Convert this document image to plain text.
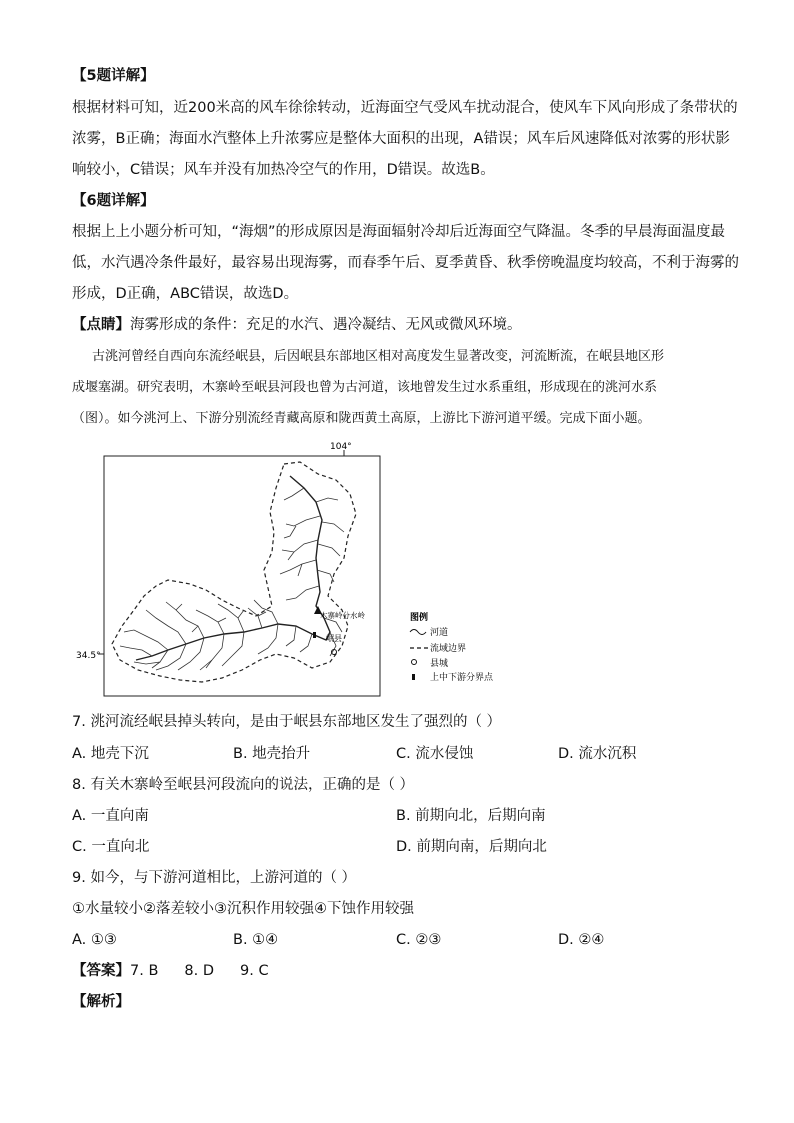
【5题详解】
根据材料可知，近200米高的风车徐徐转动，近海面空气受风车扰动混合，使风车下风向形成了条带状的
浓雾，B正确；海面水汽整体上升浓雾应是整体大面积的出现，A错误；风车后风速降低对浓雾的形状影
响较小，C错误；风车并没有加热冷空气的作用，D错误。故选B。
【6题详解】
根据上上小题分析可知，“海烟”的形成原因是海面辐射冷却后近海面空气降温。冬季的早晨海面温度最
低，水汽遇冷条件最好，最容易出现海雾，而春季午后、夏季黄昏、秋季傍晚温度均较高，不利于海雾的
形成，D正确，ABC错误，故选D。
【点睛】海雾形成的条件：充足的水汽、遇冷凝结、无风或微风环境。
古洮河曾经自西向东流经岷县，后因岷县东部地区相对高度发生显著改变，河流断流，在岷县地区形
成堰塞湖。研究表明，木寨岭至岷县河段也曾为古河道，该地曾发生过水系重组，形成现在的洮河水系
（图）。如今洮河上、下游分别流经青藏高原和陇西黄土高原，上游比下游河道平缓。完成下面小题。
104°
34.5°
木寨岭分水岭
岷县
图例
河道
流域边界
县城
上中下游分界点
7. 洮河流经岷县掉头转向，是由于岷县东部地区发生了强烈的（ ）
A. 地壳下沉	B. 地壳抬升	C. 流水侵蚀	D. 流水沉积
8. 有关木寨岭至岷县河段流向的说法，正确的是（ ）
A. 一直向南	B. 前期向北，后期向南
C. 一直向北	D. 前期向南，后期向北
9. 如今，与下游河道相比，上游河道的（ ）
①水量较小②落差较小③沉积作用较强④下蚀作用较强
A. ①③	B. ①④	C. ②③	D. ②④
【答案】7. B 8. D 9. C
【解析】
